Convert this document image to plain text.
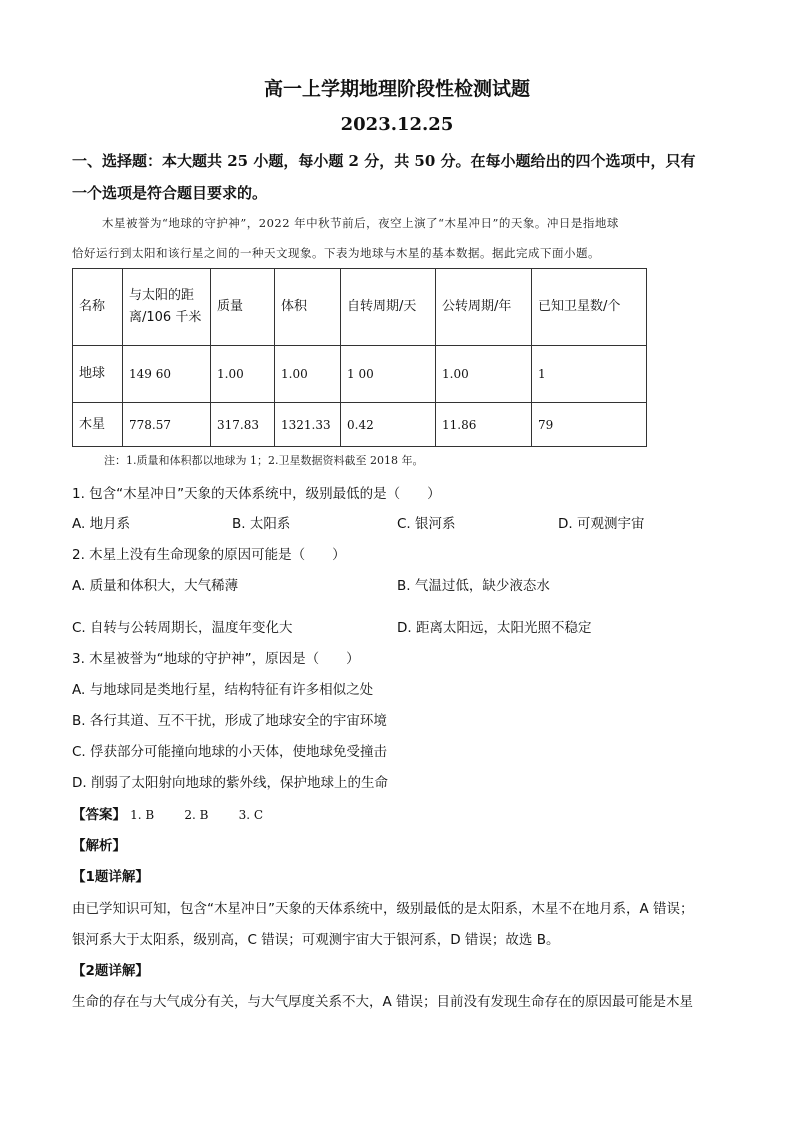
高一上学期地理阶段性检测试题
2023.12.25
一、选择题：本大题共 25 小题，每小题 2 分，共 50 分。在每小题给出的四个选项中，只有
一个选项是符合题目要求的。
木星被誉为“地球的守护神”，2022 年中秋节前后，夜空上演了“木星冲日”的天象。冲日是指地球
恰好运行到太阳和该行星之间的一种天文现象。下表为地球与木星的基本数据。据此完成下面小题。
名称	与太阳的距离/106 千米	质量	体积	自转周期/天	公转周期/年	已知卫星数/个
地球	149 60	1.00	1.00	1 00	1.00	1
木星	778.57	317.83	1321.33	0.42	11.86	79
注：1.质量和体积都以地球为 1；2.卫星数据资料截至 2018 年。
1. 包含“木星冲日”天象的天体系统中，级别最低的是（　　）
A. 地月系	B. 太阳系	C. 银河系	D. 可观测宇宙
2. 木星上没有生命现象的原因可能是（　　）
A. 质量和体积大，大气稀薄	B. 气温过低，缺少液态水
C. 自转与公转周期长，温度年变化大	D. 距离太阳远，太阳光照不稳定
3. 木星被誉为“地球的守护神”，原因是（　　）
A. 与地球同是类地行星，结构特征有许多相似之处
B. 各行其道、互不干扰，形成了地球安全的宇宙环境
C. 俘获部分可能撞向地球的小天体，使地球免受撞击
D. 削弱了太阳射向地球的紫外线，保护地球上的生命
【答案】 1. B	2. B	3. C
【解析】
【1题详解】
由已学知识可知，包含“木星冲日”天象的天体系统中，级别最低的是太阳系，木星不在地月系，A 错误；
银河系大于太阳系，级别高，C 错误；可观测宇宙大于银河系，D 错误；故选 B。
【2题详解】
生命的存在与大气成分有关，与大气厚度关系不大，A 错误；目前没有发现生命存在的原因最可能是木星
